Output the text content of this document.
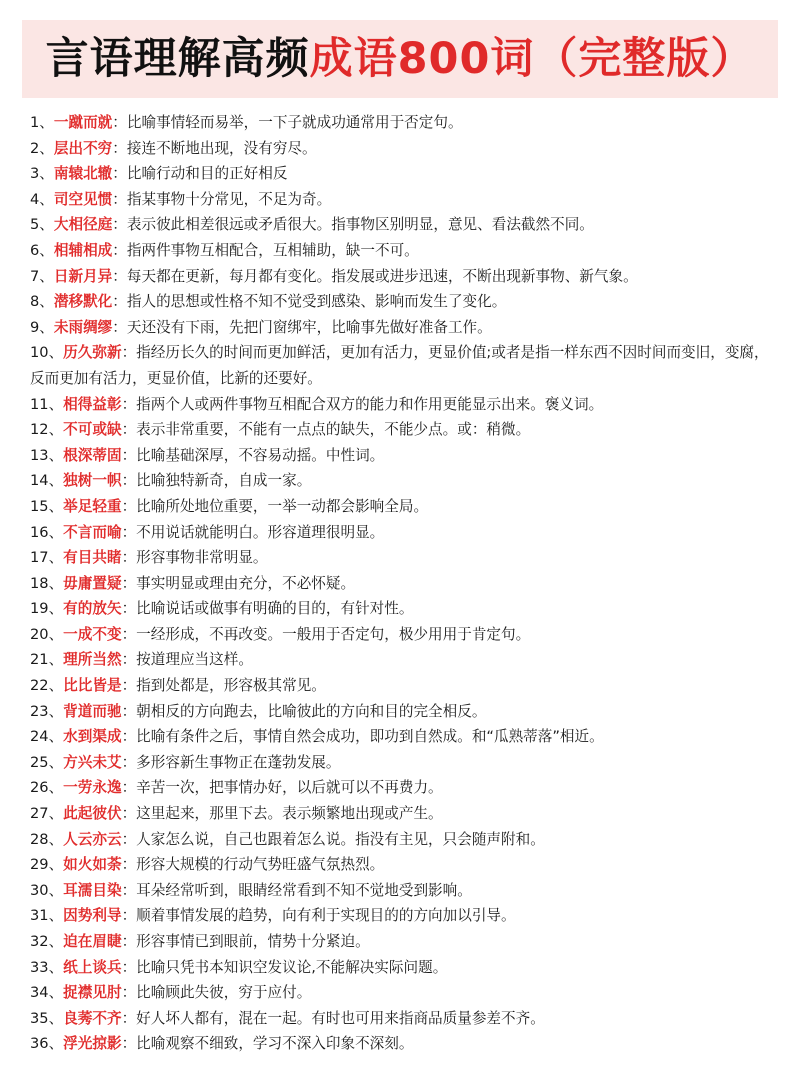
言语理解高频成语800词（完整版）

1、一蹴而就：比喻事情轻而易举，一下子就成功通常用于否定句。

2、层出不穷：接连不断地出现，没有穷尽。

3、南辕北辙：比喻行动和目的正好相反

4、司空见惯：指某事物十分常见，不足为奇。

5、大相径庭：表示彼此相差很远或矛盾很大。指事物区别明显，意见、看法截然不同。

6、相辅相成：指两件事物互相配合，互相辅助，缺一不可。

7、日新月异：每天都在更新，每月都有变化。指发展或进步迅速，不断出现新事物、新气象。

8、潜移默化：指人的思想或性格不知不觉受到感染、影响而发生了变化。

9、未雨绸缪：天还没有下雨，先把门窗绑牢，比喻事先做好准备工作。

10、历久弥新：指经历长久的时间而更加鲜活，更加有活力，更显价值;或者是指一样东西不因时间而变旧，变腐，反而更加有活力，更显价值，比新的还要好。

11、相得益彰：指两个人或两件事物互相配合双方的能力和作用更能显示出来。褒义词。

12、不可或缺：表示非常重要，不能有一点点的缺失，不能少点。或：稍微。

13、根深蒂固：比喻基础深厚，不容易动摇。中性词。

14、独树一帜：比喻独特新奇，自成一家。

15、举足轻重：比喻所处地位重要，一举一动都会影响全局。

16、不言而喻：不用说话就能明白。形容道理很明显。

17、有目共睹：形容事物非常明显。

18、毋庸置疑：事实明显或理由充分，不必怀疑。

19、有的放矢：比喻说话或做事有明确的目的，有针对性。

20、一成不变：一经形成，不再改变。一般用于否定句，极少用用于肯定句。

21、理所当然：按道理应当这样。

22、比比皆是：指到处都是，形容极其常见。

23、背道而驰：朝相反的方向跑去，比喻彼此的方向和目的完全相反。

24、水到渠成：比喻有条件之后，事情自然会成功，即功到自然成。和“瓜熟蒂落”相近。

25、方兴未艾：多形容新生事物正在蓬勃发展。

26、一劳永逸：辛苦一次，把事情办好，以后就可以不再费力。

27、此起彼伏：这里起来，那里下去。表示频繁地出现或产生。

28、人云亦云：人家怎么说，自己也跟着怎么说。指没有主见，只会随声附和。

29、如火如荼：形容大规模的行动气势旺盛气氛热烈。

30、耳濡目染：耳朵经常听到，眼睛经常看到不知不觉地受到影响。

31、因势利导：顺着事情发展的趋势，向有利于实现目的的方向加以引导。

32、迫在眉睫：形容事情已到眼前，情势十分紧迫。

33、纸上谈兵：比喻只凭书本知识空发议论,不能解决实际问题。

34、捉襟见肘：比喻顾此失彼，穷于应付。

35、良莠不齐：好人坏人都有，混在一起。有时也可用来指商品质量参差不齐。

36、浮光掠影：比喻观察不细致，学习不深入印象不深刻。
